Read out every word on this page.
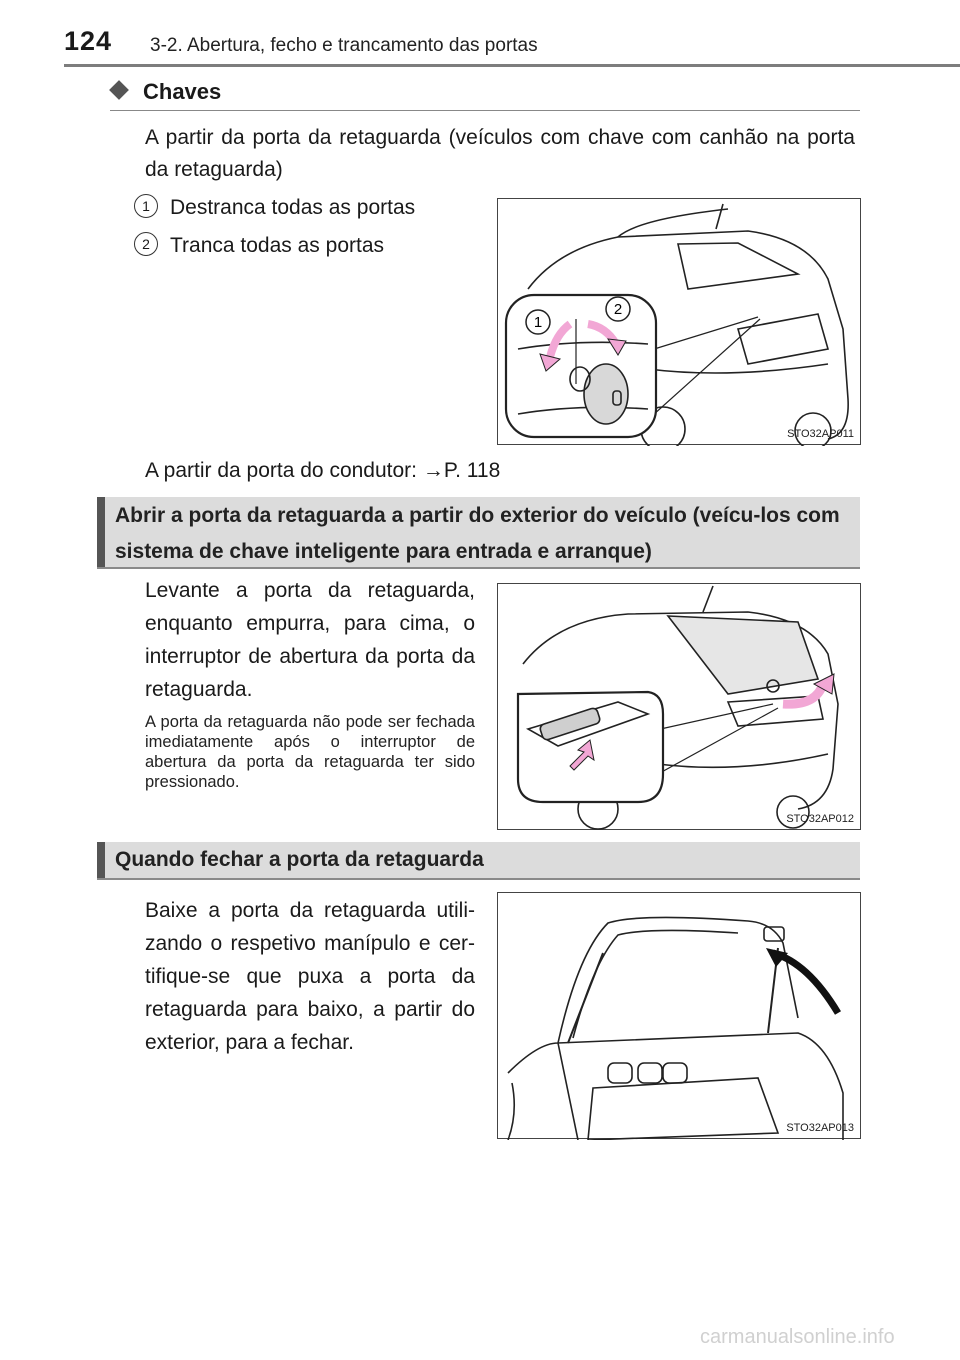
124 3-2. Abertura, fecho e trancamento das portas
Chaves
A partir da porta da retaguarda (veículos com chave com canhão na porta da retaguarda)
1 Destranca todas as portas
2 Tranca todas as portas
1
2
STO32AP011
A partir da porta do condutor: →P. 118
Abrir a porta da retaguarda a partir do exterior do veículo (veícu-los com sistema de chave inteligente para entrada e arranque)
Levante a porta da retaguarda, enquanto empurra, para cima, o interruptor de abertura da porta da retaguarda.
A porta da retaguarda não pode ser fechada imediatamente após o interruptor de abertura da porta da retaguarda ter sido pressionado.
STO32AP012
Quando fechar a porta da retaguarda
Baixe a porta da retaguarda utili-zando o respetivo manípulo e cer-tifique-se que puxa a porta da retaguarda para baixo, a partir do exterior, para a fechar.
STO32AP013
carmanualsonline.info
